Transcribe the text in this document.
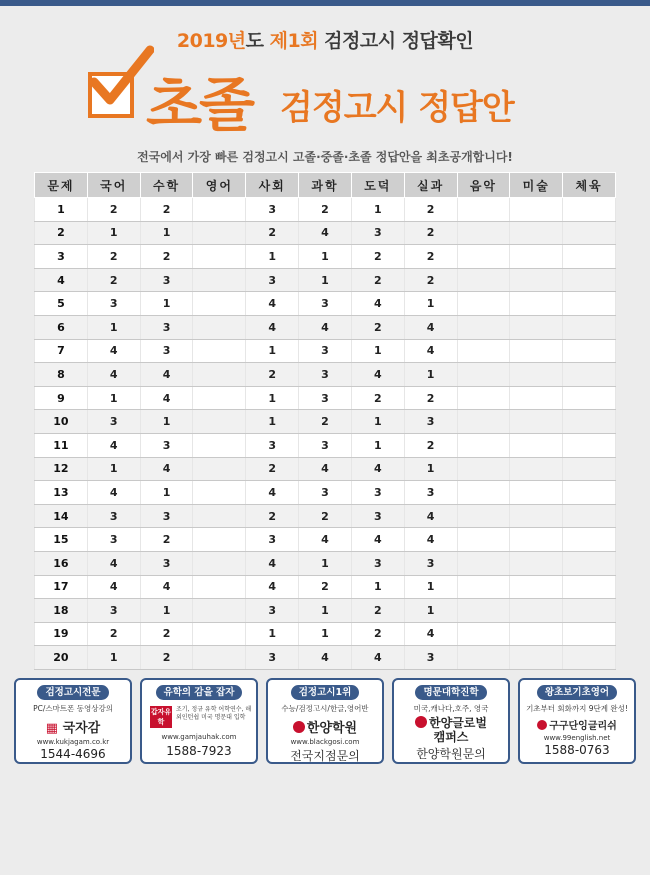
2019년도 제1회 검정고시 정답확인
초졸 검정고시 정답안
전국에서 가장 빠른 검정고시 고졸·중졸·초졸 정답안을 최초공개합니다!
문제	국어	수학	영어	사회	과학	도덕	실과	음악	미술	체육
1	2	2		3	2	1	2			
2	1	1		2	4	3	2			
3	2	2		1	1	2	2			
4	2	3		3	1	2	2			
5	3	1		4	3	4	1			
6	1	3		4	4	2	4			
7	4	3		1	3	1	4			
8	4	4		2	3	4	1			
9	1	4		1	3	2	2			
10	3	1		1	2	1	3			
11	4	3		3	3	1	2			
12	1	4		2	4	4	1			
13	4	1		4	3	3	3			
14	3	3		2	2	3	4			
15	3	2		3	4	4	4			
16	4	3		4	1	3	3			
17	4	4		4	2	1	1			
18	3	1		3	1	2	1			
19	2	2		1	1	2	4			
20	1	2		3	4	4	3			
검정고시전문
PC/스마트폰 동영상강의
▦ 국자감
www.kukjagam.co.kr
1544-4696
유학의 감을 잡자
갑자유학
조기, 정규 유학 어학연수, 해외인턴쉽 미국 명문대 입학
www.gamjauhak.com
1588-7923
검정고시1위
수능/검정고시/한글,영어반
한양학원
www.blackgosi.com
전국지점문의
명문대학진학
미국,캐나다,호주, 영국
한양글로벌
캠퍼스
한양학원문의
왕초보기초영어
기초부터 회화까지 9단계 완성!
구구단잉글리쉬
www.99english.net
1588-0763
